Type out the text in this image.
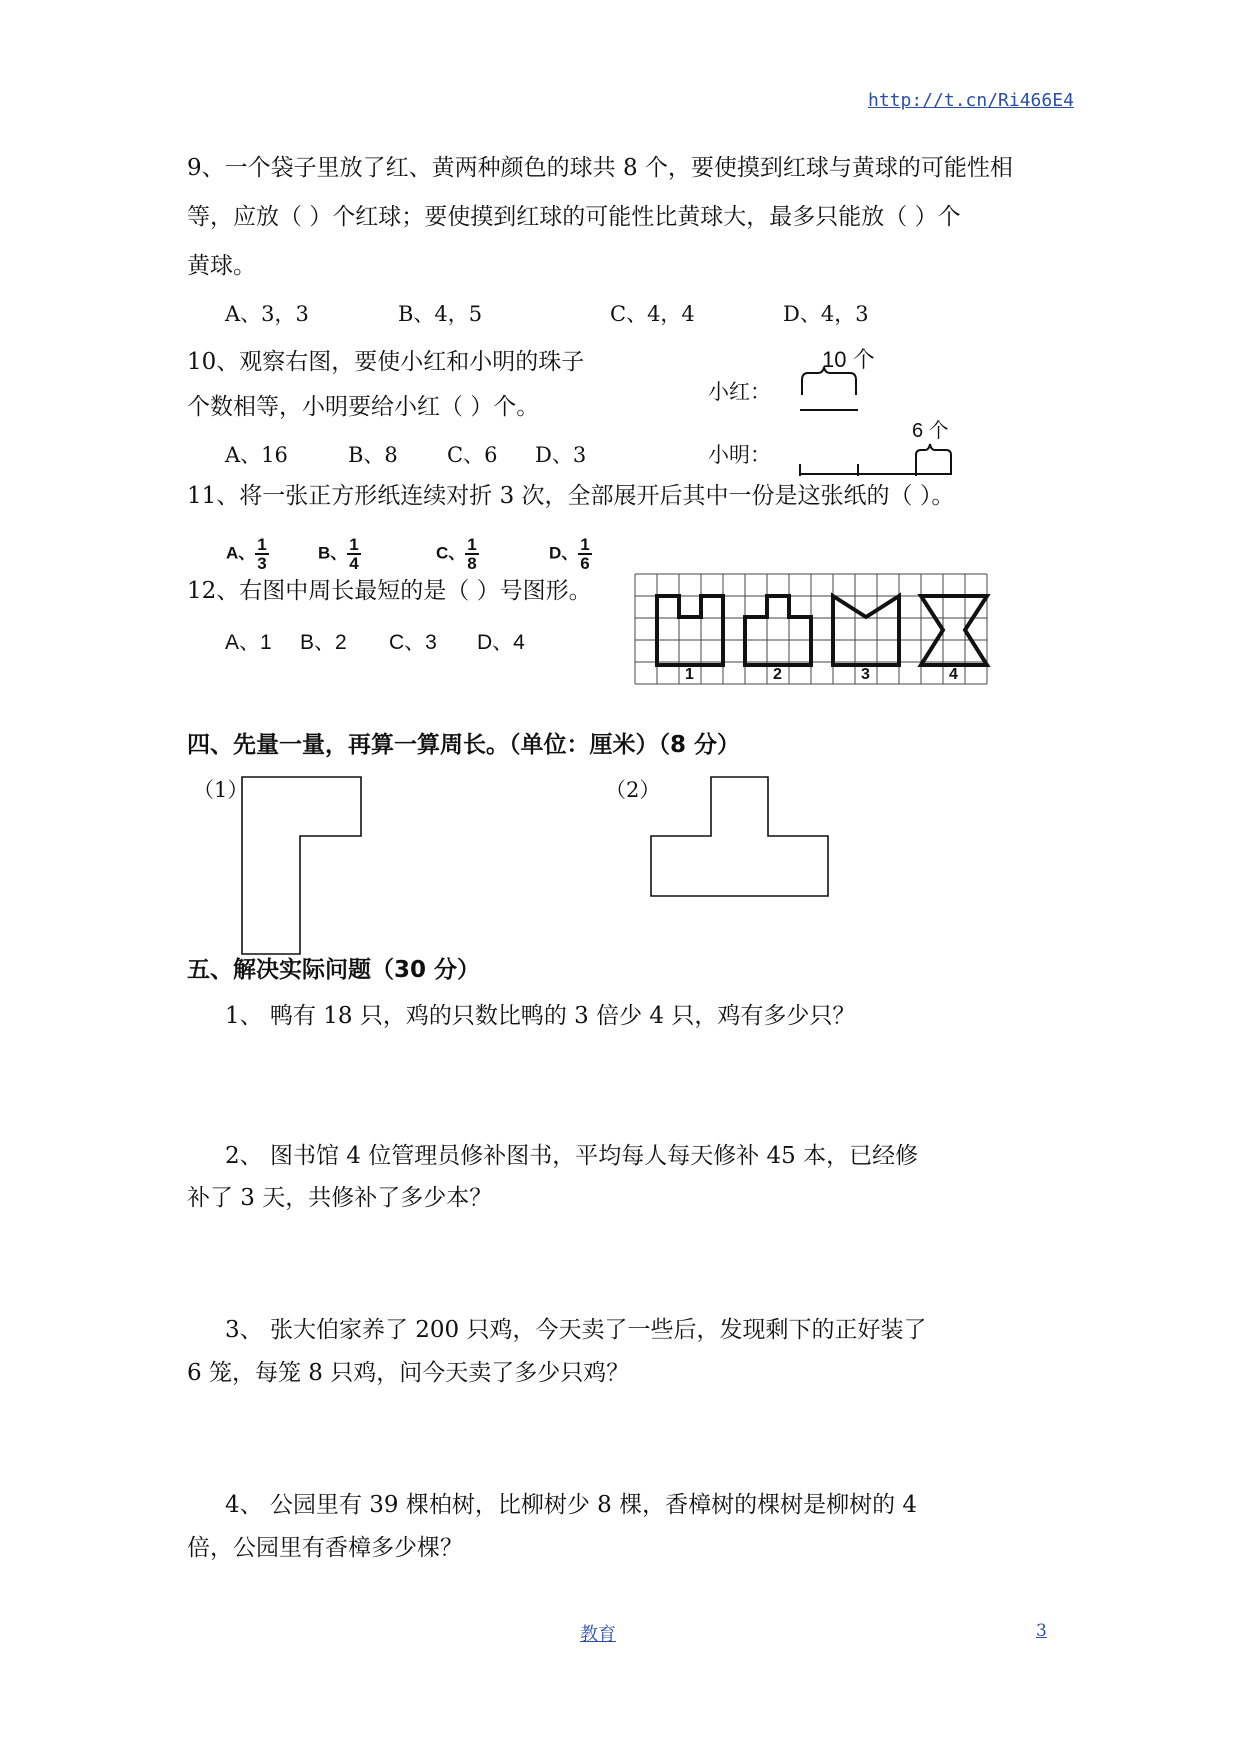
http://t.cn/Ri466E4
9、一个袋子里放了红、黄两种颜色的球共 8 个，要使摸到红球与黄球的可能性相
等，应放（ ）个红球；要使摸到红球的可能性比黄球大，最多只能放（ ）个
黄球。
A、3，3	B、4，5	C、4，4	D、4，3
10、观察右图，要使小红和小明的珠子
个数相等，小明要给小红（ ）个。
A、16	B、8 C、6 D、3
小红：
小明：
10 个
6 个
11、将一张正方形纸连续对折 3 次，全部展开后其中一份是这张纸的（ ）。
A、 $\frac{1}{3}$	B、 $\frac{1}{4}$	C、 $\frac{1}{8}$	D、 $\frac{1}{6}$
12、右图中周长最短的是（ ）号图形。
A、1 B、2 C、3 D、4
1	2	3	4
四、先量一量，再算一算周长。（单位：厘米）（8 分）
（1）	（2）
五、解决实际问题（30 分）
1、 鸭有 18 只，鸡的只数比鸭的 3 倍少 4 只，鸡有多少只？
2、 图书馆 4 位管理员修补图书，平均每人每天修补 45 本，已经修
补了 3 天，共修补了多少本？
3、 张大伯家养了 200 只鸡，今天卖了一些后，发现剩下的正好装了
6 笼，每笼 8 只鸡，问今天卖了多少只鸡？
4、 公园里有 39 棵柏树，比柳树少 8 棵，香樟树的棵树是柳树的 4
倍，公园里有香樟多少棵？
教育	3
